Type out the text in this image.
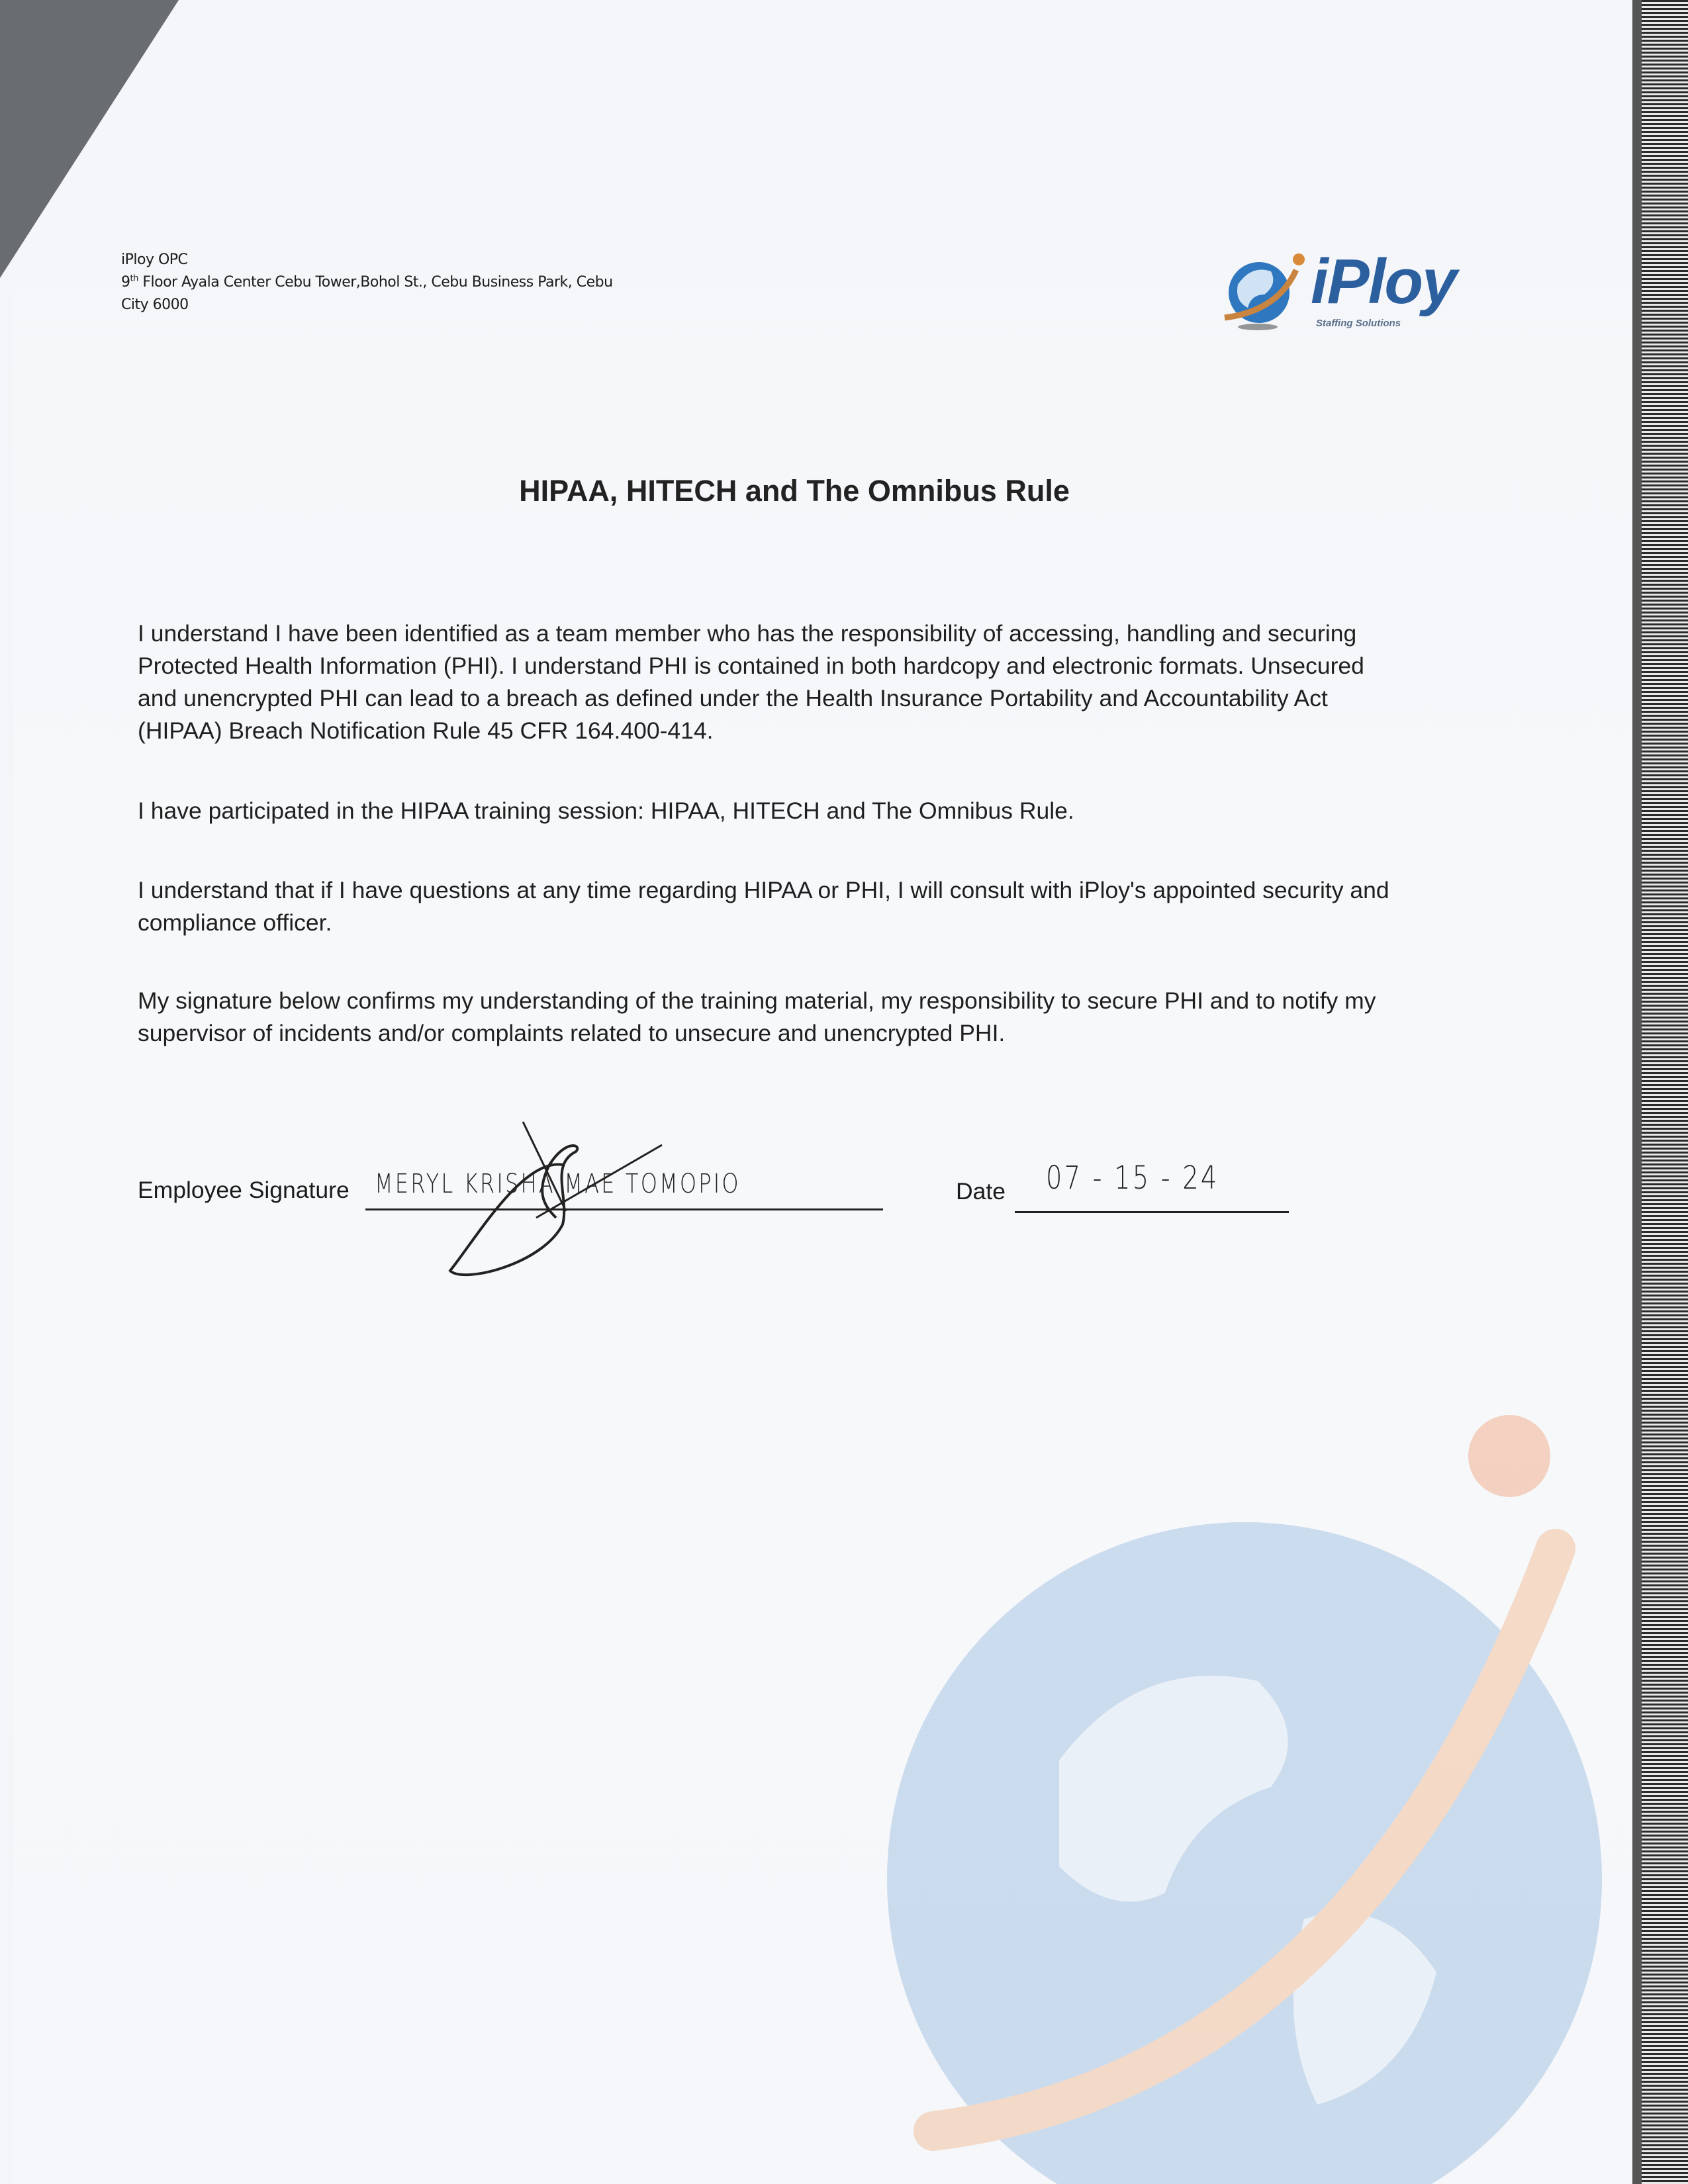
iPloy OPC
9th Floor Ayala Center Cebu Tower,Bohol St., Cebu Business Park, Cebu
City 6000	iPloy
Staffing Solutions
HIPAA, HITECH and The Omnibus Rule
I understand I have been identified as a team member who has the responsibility of accessing, handling and securing
Protected Health Information (PHI). I understand PHI is contained in both hardcopy and electronic formats. Unsecured
and unencrypted PHI can lead to a breach as defined under the Health Insurance Portability and Accountability Act
(HIPAA) Breach Notification Rule 45 CFR 164.400-414.
I have participated in the HIPAA training session: HIPAA, HITECH and The Omnibus Rule.
I understand that if I have questions at any time regarding HIPAA or PHI, I will consult with iPloy's appointed security and
compliance officer.
My signature below confirms my understanding of the training material, my responsibility to secure PHI and to notify my
supervisor of incidents and/or complaints related to unsecure and unencrypted PHI.
Employee Signature MERYL KRISHA MAE TOMOPIO	Date 07 - 15 - 24
